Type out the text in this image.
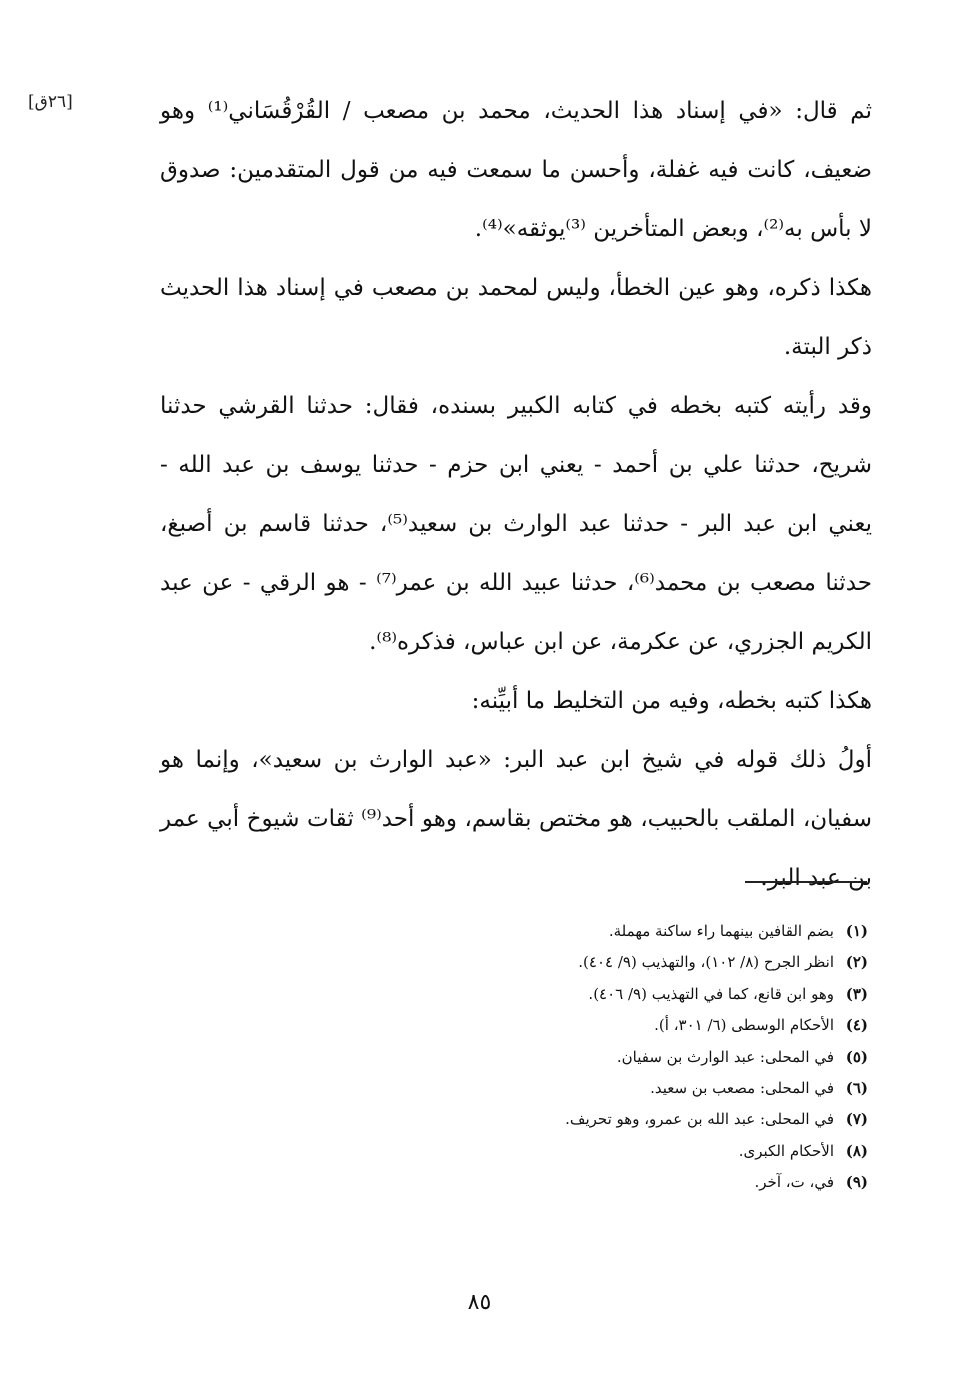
[٢٦ق]	ثم قال: «في إسناد هذا الحديث، محمد بن مصعب / القُرْقُسَاني⁽¹⁾ وهو ضعيف، كانت فيه غفلة، وأحسن ما سمعت فيه من قول المتقدمين: صدوق لا بأس به⁽²⁾، وبعض المتأخرين ⁽³⁾يوثقه»⁽⁴⁾.

هكذا ذكره، وهو عين الخطأ، وليس لمحمد بن مصعب في إسناد هذا الحديث ذكر البتة.

وقد رأيته كتبه بخطه في كتابه الكبير بسنده، فقال: حدثنا القرشي حدثنا شريح، حدثنا علي بن أحمد - يعني ابن حزم - حدثنا يوسف بن عبد الله - يعني ابن عبد البر - حدثنا عبد الوارث بن سعيد⁽⁵⁾، حدثنا قاسم بن أصبغ، حدثنا مصعب بن محمد⁽⁶⁾، حدثنا عبيد الله بن عمر⁽⁷⁾ - هو الرقي - عن عبد الكريم الجزري، عن عكرمة، عن ابن عباس، فذكره⁽⁸⁾.

هكذا كتبه بخطه، وفيه من التخليط ما أبيِّنه:

أولُ ذلك قوله في شيخ ابن عبد البر: «عبد الوارث بن سعيد»، وإنما هو سفيان، الملقب بالحبيب، هو مختص بقاسم، وهو أحد⁽⁹⁾ ثقات شيوخ أبي عمر بن عبد البر.

(١)
بضم القافين بينهما راء ساكنة مهملة.
(٢)
انظر الجرح (٨/ ١٠٢)، والتهذيب (٩/ ٤٠٤).
(٣)
وهو ابن قانع، كما في التهذيب (٩/ ٤٠٦).
(٤)
الأحكام الوسطى (٦/ ٣٠١، أ).
(٥)
في المحلى: عبد الوارث بن سفيان.
(٦)
في المحلى: مصعب بن سعيد.
(٧)
في المحلى: عبد الله بن عمرو، وهو تحريف.
(٨)
الأحكام الكبرى.
(٩)
في، ت، آخر.
٨٥
